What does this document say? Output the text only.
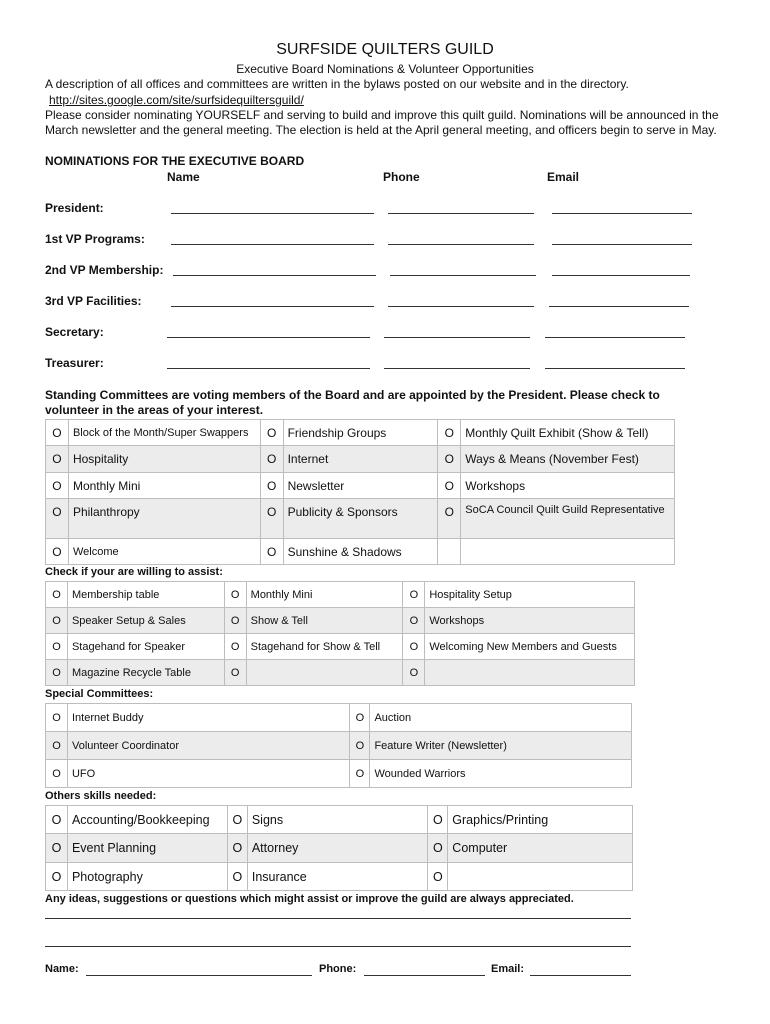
SURFSIDE QUILTERS GUILD
Executive Board Nominations & Volunteer Opportunities
A description of all offices and committees are written in the bylaws posted on our website and in the directory.
http://sites.google.com/site/surfsidequiltersguild/
Please consider nominating YOURSELF and serving to build and improve this quilt guild. Nominations will be announced in the March newsletter and the general meeting. The election is held at the April general meeting, and officers begin to serve in May.
NOMINATIONS FOR THE EXECUTIVE BOARD
Name	Phone	Email
President:
1st VP Programs:
2nd VP Membership:
3rd VP Facilities:
Secretary:
Treasurer:
Standing Committees are voting members of the Board and are appointed by the President. Please check to volunteer in the areas of your interest.
O	Block of the Month/Super Swappers	O	Friendship Groups	O	Monthly Quilt Exhibit (Show & Tell)
O	Hospitality	O	Internet	O	Ways & Means (November Fest)
O	Monthly Mini	O	Newsletter	O	Workshops
O	Philanthropy	O	Publicity & Sponsors	O	SoCA Council Quilt Guild Representative
O	Welcome	O	Sunshine & Shadows		
Check if your are willing to assist:
O	Membership table	O	Monthly Mini	O	Hospitality Setup
O	Speaker Setup & Sales	O	Show & Tell	O	Workshops
O	Stagehand for Speaker	O	Stagehand for Show & Tell	O	Welcoming New Members and Guests
O	Magazine Recycle Table	O		O	
Special Committees:
O	Internet Buddy	O	Auction
O	Volunteer Coordinator	O	Feature Writer (Newsletter)
O	UFO	O	Wounded Warriors
Others skills needed:
O	Accounting/Bookkeeping	O	Signs	O	Graphics/Printing
O	Event Planning	O	Attorney	O	Computer
O	Photography	O	Insurance	O	
Any ideas, suggestions or questions which might assist or improve the guild are always appreciated.
Name:	Phone:	Email:
